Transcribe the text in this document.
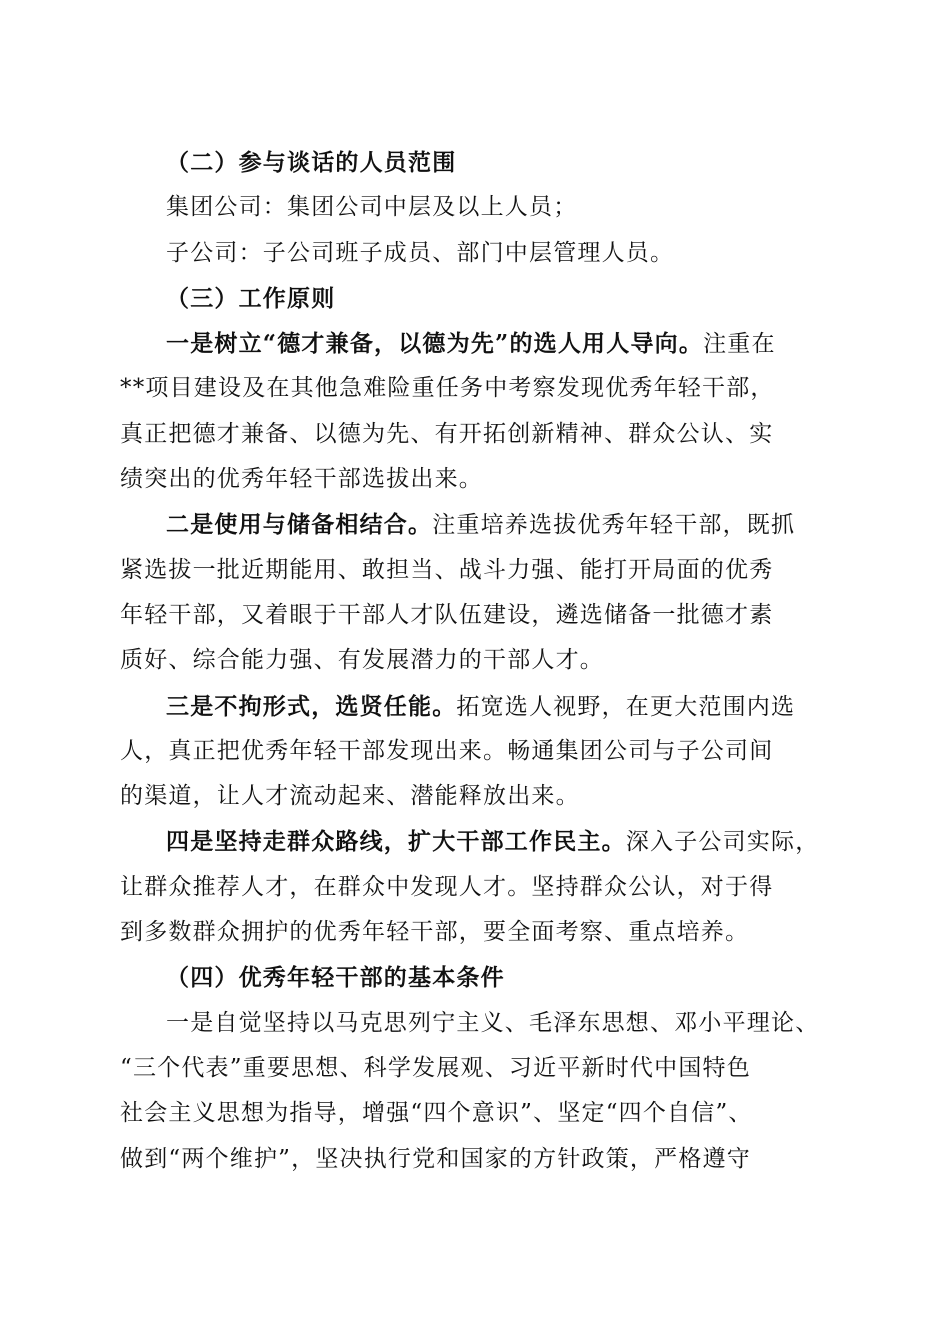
（二）参与谈话的人员范围
集团公司：集团公司中层及以上人员；
子公司：子公司班子成员、部门中层管理人员。
（三）工作原则
一是树立“德才兼备，以德为先”的选人用人导向。注重在
**项目建设及在其他急难险重任务中考察发现优秀年轻干部，
真正把德才兼备、以德为先、有开拓创新精神、群众公认、实
绩突出的优秀年轻干部选拔出来。
二是使用与储备相结合。注重培养选拔优秀年轻干部，既抓
紧选拔一批近期能用、敢担当、战斗力强、能打开局面的优秀
年轻干部，又着眼于干部人才队伍建设，遴选储备一批德才素
质好、综合能力强、有发展潜力的干部人才。
三是不拘形式，选贤任能。拓宽选人视野，在更大范围内选
人，真正把优秀年轻干部发现出来。畅通集团公司与子公司间
的渠道，让人才流动起来、潜能释放出来。
四是坚持走群众路线，扩大干部工作民主。深入子公司实际，
让群众推荐人才，在群众中发现人才。坚持群众公认，对于得
到多数群众拥护的优秀年轻干部，要全面考察、重点培养。
（四）优秀年轻干部的基本条件
一是自觉坚持以马克思列宁主义、毛泽东思想、邓小平理论、
“三个代表”重要思想、科学发展观、习近平新时代中国特色
社会主义思想为指导，增强“四个意识”、坚定“四个自信”、
做到“两个维护”，坚决执行党和国家的方针政策，严格遵守
